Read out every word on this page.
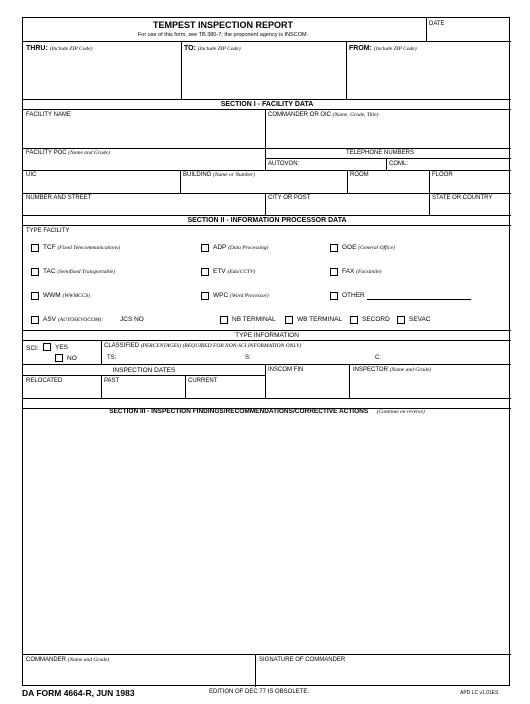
TEMPEST INSPECTION REPORT
For use of this form, see TB 380-7; the proponent agency is INSCOM.
DATE
THRU: (Include ZIP Code)	TO: (Include ZIP Code)	FROM: (Include ZIP Code)
SECTION I - FACILITY DATA
FACILITY NAME	COMMANDER OR OIC (Name, Grade, Title)
FACILITY POC (Name and Grade)	TELEPHONE NUMBERS
AUTOVON:	COML:
UIC	BUILDING (Name or Number)	ROOM	FLOOR
NUMBER AND STREET	CITY OR POST	STATE OR COUNTRY
SECTION II - INFORMATION PROCESSOR DATA
TYPE FACILITY
TCF (Fixed Telecommunications)	ADP (Data Processing)	GOE (General Office)
TAC (Semifixed Transportable)	ETV (Edu/CCTV)	FAX (Facsimile)
WWM (WWMCCS)	WPC (Word Processor)	OTHER
ASV (AUTOSEVOCOM):	JCS NO	NB TERMINAL	WB TERMINAL	SECORD	SEVAC
TYPE INFORMATION
SCI:	YES
NO
CLASSIFIED (PERCENTAGES) (REQUIRED FOR NON-SCI INFORMATION ONLY)
TS:	S:	C:
INSPECTION DATES	INSCOM FIN	INSPECTOR (Name and Grade)
RELOCATED	PAST	CURRENT
SECTION III - INSPECTION FINDINGS/RECOMMENDATIONS/CORRECTIVE ACTIONS (Continue on reverse)
COMMANDER (Name and Grade)	SIGNATURE OF COMMANDER
DA FORM 4664-R, JUN 1983	EDITION OF DEC 77 IS OBSOLETE.	APD LC v1.01ES
